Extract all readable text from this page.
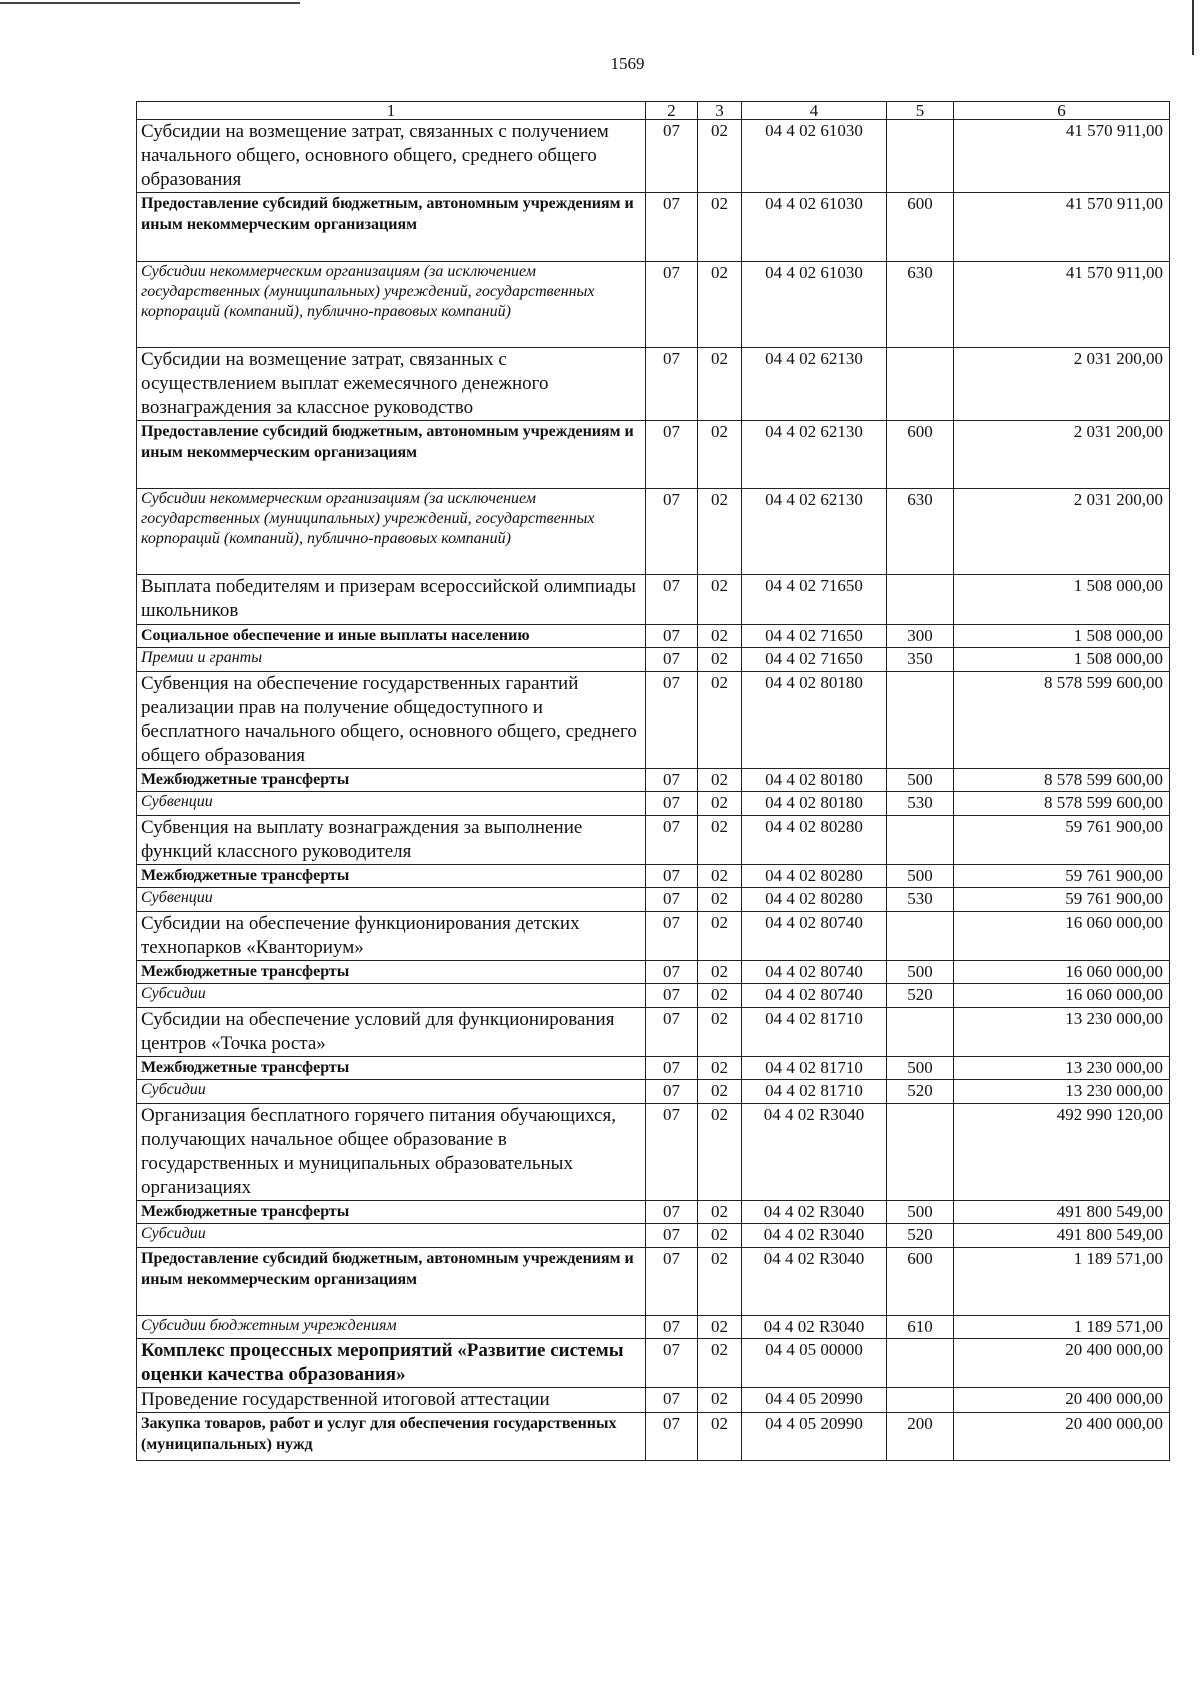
1569
1	2	3	4	5	6
Субсидии на возмещение затрат, связанных с получением начального общего, основного общего, среднего общего образования	07	02	04 4 02 61030		41 570 911,00
Предоставление субсидий бюджетным, автономным учреждениям и иным некоммерческим организациям	07	02	04 4 02 61030	600	41 570 911,00
Субсидии некоммерческим организациям (за исключением государственных (муниципальных) учреждений, государственных корпораций (компаний), публично-правовых компаний)	07	02	04 4 02 61030	630	41 570 911,00
Субсидии на возмещение затрат, связанных с осуществлением выплат ежемесячного денежного вознаграждения за классное руководство	07	02	04 4 02 62130		2 031 200,00
Предоставление субсидий бюджетным, автономным учреждениям и иным некоммерческим организациям	07	02	04 4 02 62130	600	2 031 200,00
Субсидии некоммерческим организациям (за исключением государственных (муниципальных) учреждений, государственных корпораций (компаний), публично-правовых компаний)	07	02	04 4 02 62130	630	2 031 200,00
Выплата победителям и призерам всероссийской олимпиады школьников	07	02	04 4 02 71650		1 508 000,00
Социальное обеспечение и иные выплаты населению	07	02	04 4 02 71650	300	1 508 000,00
Премии и гранты	07	02	04 4 02 71650	350	1 508 000,00
Субвенция на обеспечение государственных гарантий реализации прав на получение общедоступного и бесплатного начального общего, основного общего, среднего общего образования	07	02	04 4 02 80180		8 578 599 600,00
Межбюджетные трансферты	07	02	04 4 02 80180	500	8 578 599 600,00
Субвенции	07	02	04 4 02 80180	530	8 578 599 600,00
Субвенция на выплату вознаграждения за выполнение функций классного руководителя	07	02	04 4 02 80280		59 761 900,00
Межбюджетные трансферты	07	02	04 4 02 80280	500	59 761 900,00
Субвенции	07	02	04 4 02 80280	530	59 761 900,00
Субсидии на обеспечение функционирования детских технопарков «Кванториум»	07	02	04 4 02 80740		16 060 000,00
Межбюджетные трансферты	07	02	04 4 02 80740	500	16 060 000,00
Субсидии	07	02	04 4 02 80740	520	16 060 000,00
Субсидии на обеспечение условий для функционирования центров «Точка роста»	07	02	04 4 02 81710		13 230 000,00
Межбюджетные трансферты	07	02	04 4 02 81710	500	13 230 000,00
Субсидии	07	02	04 4 02 81710	520	13 230 000,00
Организация бесплатного горячего питания обучающихся, получающих начальное общее образование в государственных и муниципальных образовательных организациях	07	02	04 4 02 R3040		492 990 120,00
Межбюджетные трансферты	07	02	04 4 02 R3040	500	491 800 549,00
Субсидии	07	02	04 4 02 R3040	520	491 800 549,00
Предоставление субсидий бюджетным, автономным учреждениям и иным некоммерческим организациям	07	02	04 4 02 R3040	600	1 189 571,00
Субсидии бюджетным учреждениям	07	02	04 4 02 R3040	610	1 189 571,00
Комплекс процессных мероприятий «Развитие системы оценки качества образования»	07	02	04 4 05 00000		20 400 000,00
Проведение государственной итоговой аттестации	07	02	04 4 05 20990		20 400 000,00
Закупка товаров, работ и услуг для обеспечения государственных (муниципальных) нужд	07	02	04 4 05 20990	200	20 400 000,00
